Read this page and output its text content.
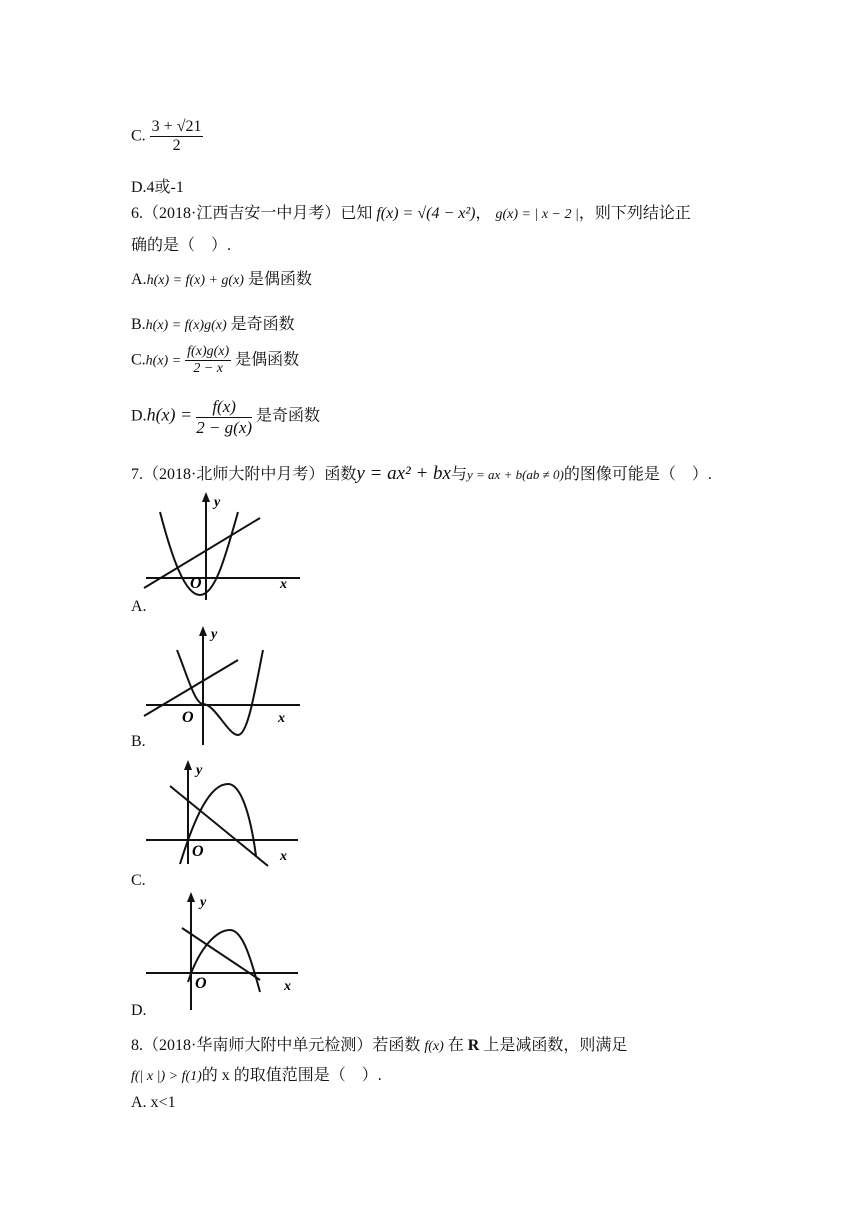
C. $\frac{3 + √21}{2}$
D.4或-1
6.（2018·江西吉安一中月考）已知 f(x) = √(4 − x²)， g(x) = | x − 2 |，则下列结论正
确的是（　）.
A.h(x) = f(x) + g(x) 是偶函数
B.h(x) = f(x)g(x) 是奇函数
$C.h(x) = \frac{f(x)g(x)}{2 - x}$ 是偶函数
$D.h(x) = \frac{f(x)}{2 - g(x)}$ 是奇函数
7.（2018·北师大附中月考）函数y = ax² + bx与y = ax + b(ab ≠ 0)的图像可能是（　）.
y
O	x
A.
y
O	x
B.
y
O	x
C.
y
O	x
D.
8.（2018·华南师大附中单元检测）若函数 f(x) 在 R 上是减函数，则满足
f(| x |) > f(1)的 x 的取值范围是（　）.
A. x<1
